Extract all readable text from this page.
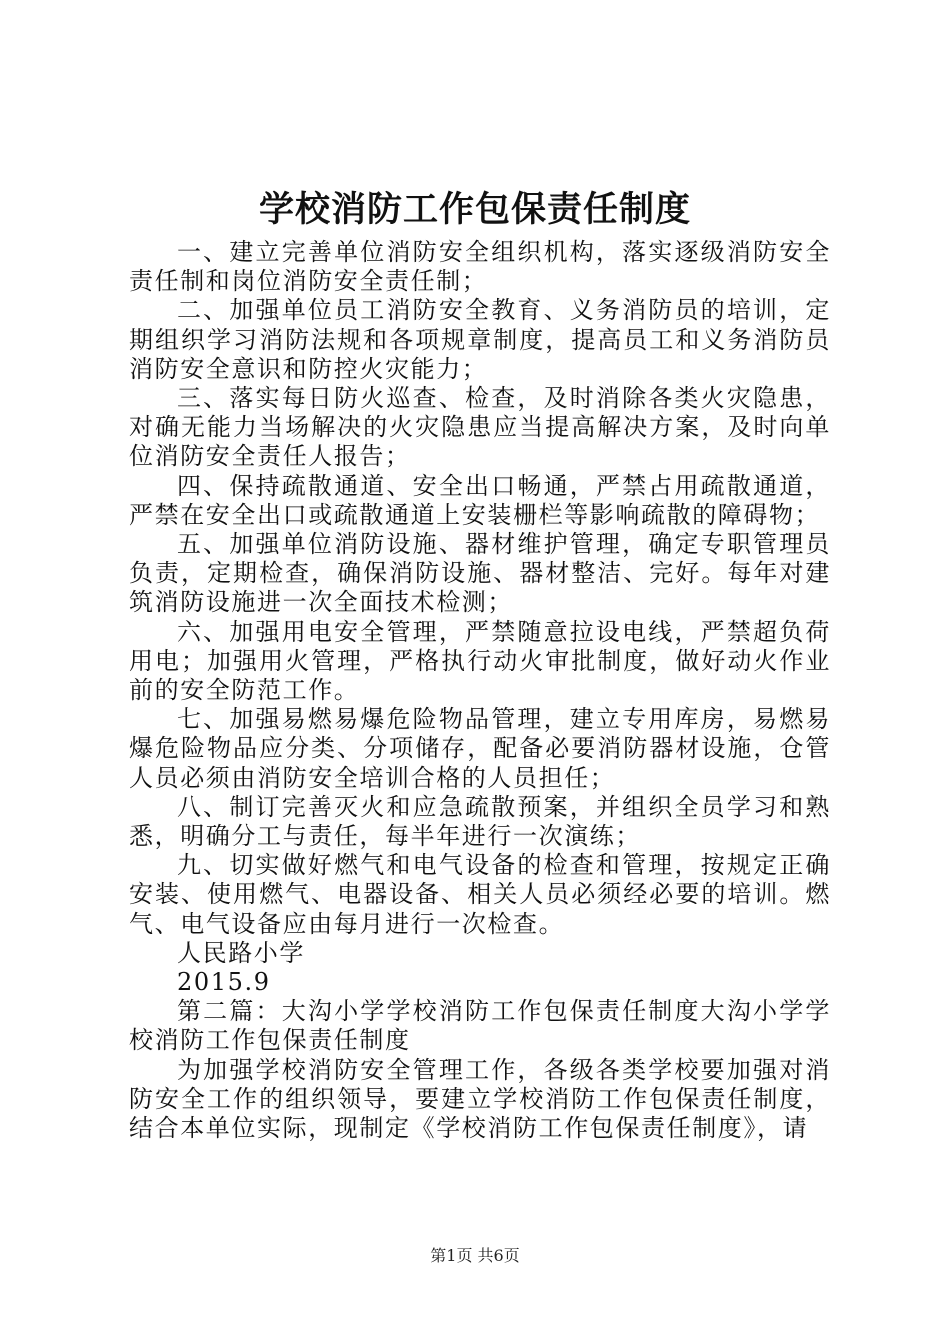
学校消防工作包保责任制度

一、建立完善单位消防安全组织机构，落实逐级消防安全责任制和岗位消防安全责任制；

二、加强单位员工消防安全教育、义务消防员的培训，定期组织学习消防法规和各项规章制度，提高员工和义务消防员消防安全意识和防控火灾能力；

三、落实每日防火巡查、检查，及时消除各类火灾隐患，对确无能力当场解决的火灾隐患应当提高解决方案，及时向单位消防安全责任人报告；

四、保持疏散通道、安全出口畅通，严禁占用疏散通道，严禁在安全出口或疏散通道上安装栅栏等影响疏散的障碍物；

五、加强单位消防设施、器材维护管理，确定专职管理员负责，定期检查，确保消防设施、器材整洁、完好。每年对建筑消防设施进一次全面技术检测；

六、加强用电安全管理，严禁随意拉设电线，严禁超负荷用电；加强用火管理，严格执行动火审批制度，做好动火作业前的安全防范工作。

七、加强易燃易爆危险物品管理，建立专用库房，易燃易爆危险物品应分类、分项储存，配备必要消防器材设施，仓管人员必须由消防安全培训合格的人员担任；

八、制订完善灭火和应急疏散预案，并组织全员学习和熟悉，明确分工与责任，每半年进行一次演练；

九、切实做好燃气和电气设备的检查和管理，按规定正确安装、使用燃气、电器设备、相关人员必须经必要的培训。燃气、电气设备应由每月进行一次检查。

人民路小学

2015.9

第二篇：大沟小学学校消防工作包保责任制度大沟小学学校消防工作包保责任制度

为加强学校消防安全管理工作，各级各类学校要加强对消防安全工作的组织领导，要建立学校消防工作包保责任制度，结合本单位实际，现制定《学校消防工作包保责任制度》，请

第1页 共6页
